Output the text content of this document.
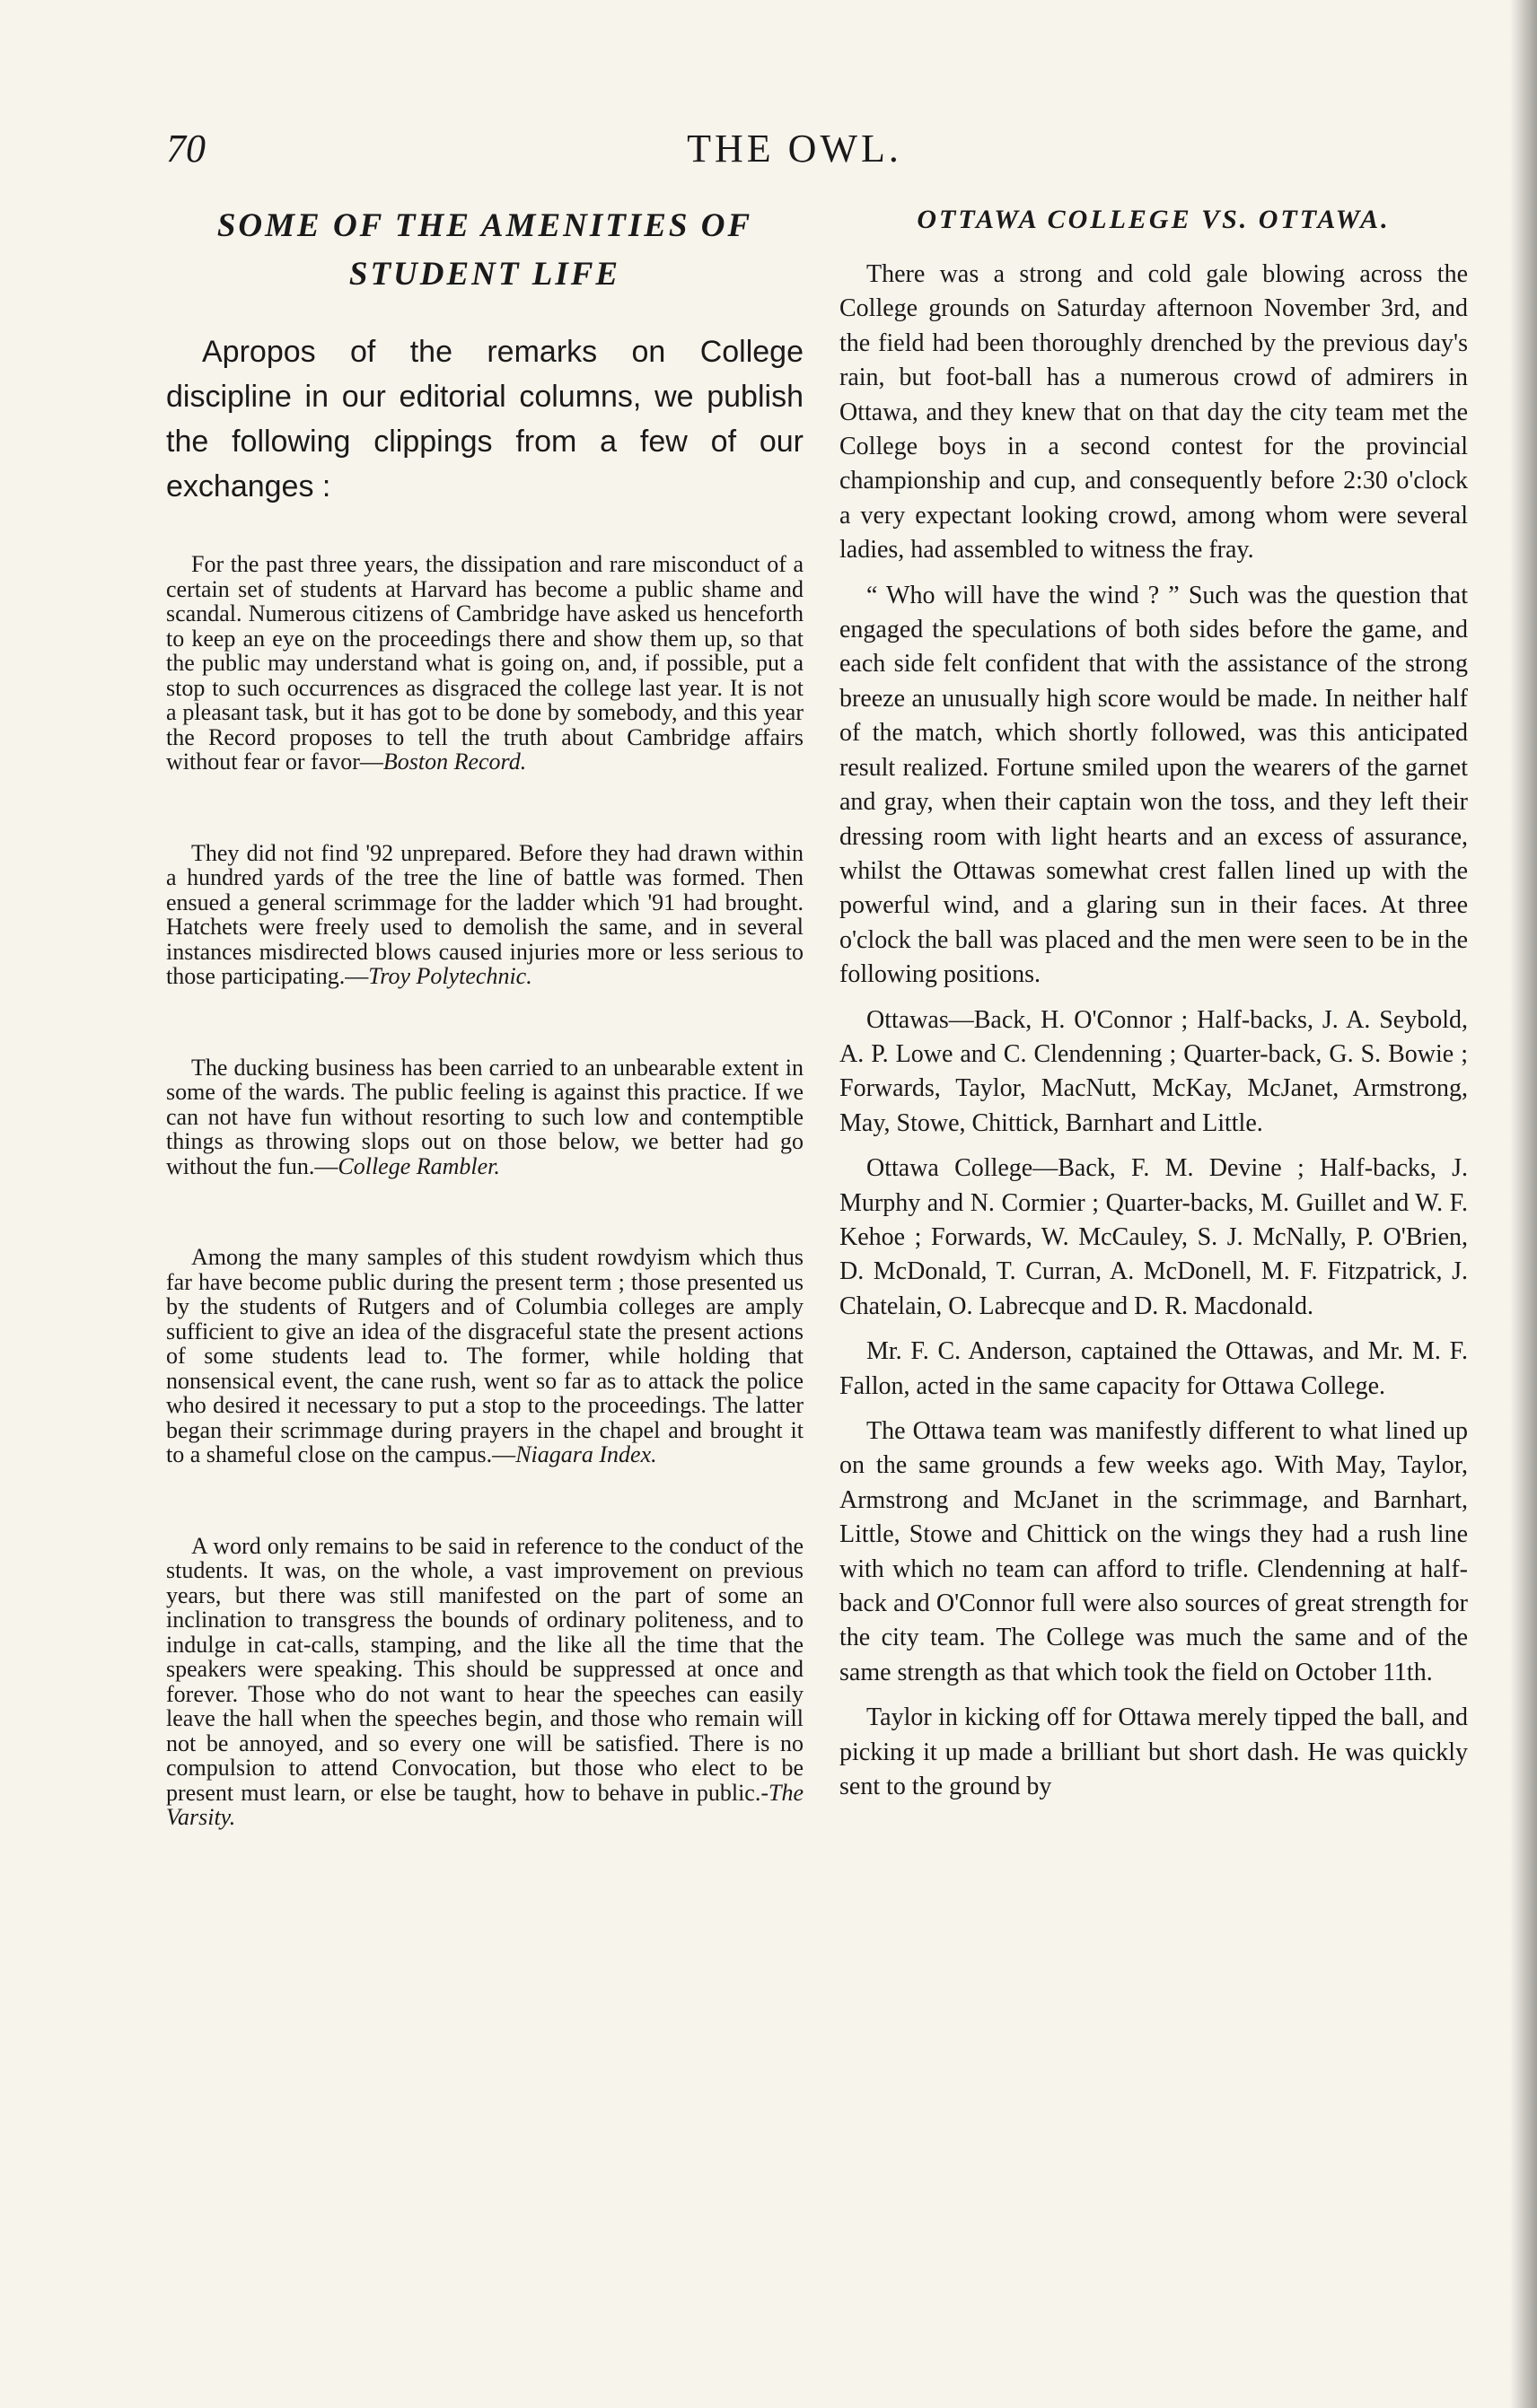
70	THE OWL.
SOME OF THE AMENITIES OF
STUDENT LIFE

Apropos of the remarks on College discipline in our editorial columns, we publish the following clippings from a few of our exchanges :

For the past three years, the dissipation and rare misconduct of a certain set of students at Harvard has become a public shame and scandal. Numerous citizens of Cambridge have asked us henceforth to keep an eye on the proceedings there and show them up, so that the public may understand what is going on, and, if possible, put a stop to such occurrences as disgraced the college last year. It is not a pleasant task, but it has got to be done by somebody, and this year the Record proposes to tell the truth about Cambridge affairs without fear or favor—Boston Record.

They did not find '92 unprepared. Before they had drawn within a hundred yards of the tree the line of battle was formed. Then ensued a general scrimmage for the ladder which '91 had brought. Hatchets were freely used to demolish the same, and in several instances misdirected blows caused injuries more or less serious to those participating.—Troy Polytechnic.

The ducking business has been carried to an unbearable extent in some of the wards. The public feeling is against this practice. If we can not have fun without resorting to such low and contemptible things as throwing slops out on those below, we better had go without the fun.—College Rambler.

Among the many samples of this student rowdyism which thus far have become public during the present term ; those presented us by the students of Rutgers and of Columbia colleges are amply sufficient to give an idea of the disgraceful state the present actions of some students lead to. The former, while holding that nonsensical event, the cane rush, went so far as to attack the police who desired it necessary to put a stop to the proceedings. The latter began their scrimmage during prayers in the chapel and brought it to a shameful close on the campus.—Niagara Index.

A word only remains to be said in reference to the conduct of the students. It was, on the whole, a vast improvement on previous years, but there was still manifested on the part of some an inclination to transgress the bounds of ordinary politeness, and to indulge in cat-calls, stamping, and the like all the time that the speakers were speaking. This should be suppressed at once and forever. Those who do not want to hear the speeches can easily leave the hall when the speeches begin, and those who remain will not be annoyed, and so every one will be satisfied. There is no compulsion to attend Convocation, but those who elect to be present must learn, or else be taught, how to behave in public.-The Varsity.

OTTAWA COLLEGE VS. OTTAWA.

There was a strong and cold gale blowing across the College grounds on Saturday afternoon November 3rd, and the field had been thoroughly drenched by the previous day's rain, but foot-ball has a numerous crowd of admirers in Ottawa, and they knew that on that day the city team met the College boys in a second contest for the provincial championship and cup, and consequently before 2:30 o'clock a very expectant looking crowd, among whom were several ladies, had assembled to witness the fray.

“ Who will have the wind ? ” Such was the question that engaged the speculations of both sides before the game, and each side felt confident that with the assistance of the strong breeze an unusually high score would be made. In neither half of the match, which shortly followed, was this anticipated result realized. Fortune smiled upon the wearers of the garnet and gray, when their captain won the toss, and they left their dressing room with light hearts and an excess of assurance, whilst the Ottawas somewhat crest fallen lined up with the powerful wind, and a glaring sun in their faces. At three o'clock the ball was placed and the men were seen to be in the following positions.

Ottawas—Back, H. O'Connor ; Half-backs, J. A. Seybold, A. P. Lowe and C. Clendenning ; Quarter-back, G. S. Bowie ; Forwards, Taylor, MacNutt, McKay, McJanet, Armstrong, May, Stowe, Chittick, Barnhart and Little.

Ottawa College—Back, F. M. Devine ; Half-backs, J. Murphy and N. Cormier ; Quarter-backs, M. Guillet and W. F. Kehoe ; Forwards, W. McCauley, S. J. McNally, P. O'Brien, D. McDonald, T. Curran, A. McDonell, M. F. Fitzpatrick, J. Chatelain, O. Labrecque and D. R. Macdonald.

Mr. F. C. Anderson, captained the Ottawas, and Mr. M. F. Fallon, acted in the same capacity for Ottawa College.

The Ottawa team was manifestly different to what lined up on the same grounds a few weeks ago. With May, Taylor, Armstrong and McJanet in the scrimmage, and Barnhart, Little, Stowe and Chittick on the wings they had a rush line with which no team can afford to trifle. Clendenning at half-back and O'Connor full were also sources of great strength for the city team. The College was much the same and of the same strength as that which took the field on October 11th.

Taylor in kicking off for Ottawa merely tipped the ball, and picking it up made a brilliant but short dash. He was quickly sent to the ground by
